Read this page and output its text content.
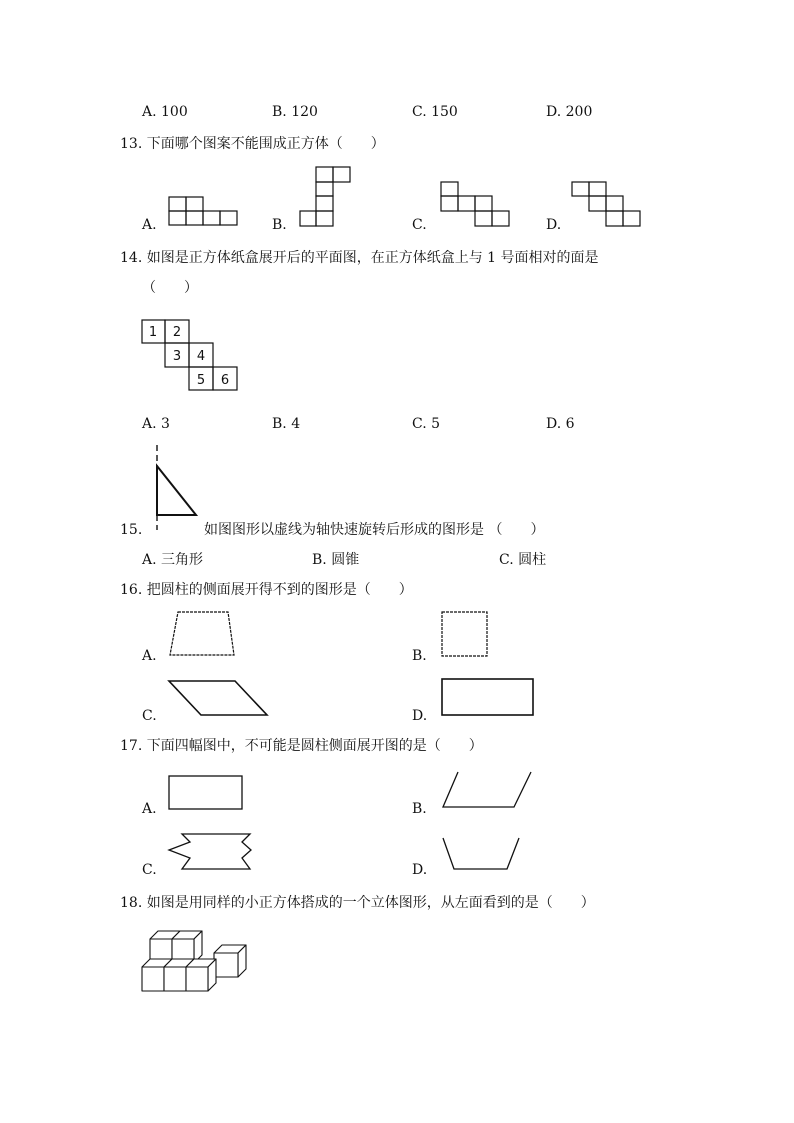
A. 100	B. 120	C. 150	D. 200
13. 下面哪个图案不能围成正方体（　　）
A.	B.	C.	D.
14. 如图是正方体纸盒展开后的平面图，在正方体纸盒上与 1 号面相对的面是
（　　）
1 2
3 4
5 6
A. 3	B. 4	C. 5	D. 6
15.	如图图形以虚线为轴快速旋转后形成的图形是 （　　）
A. 三角形	B. 圆锥	C. 圆柱
16. 把圆柱的侧面展开得不到的图形是（　　）
A.	B.
C.	D.
17. 下面四幅图中，不可能是圆柱侧面展开图的是（　　）
A.	B.
C.	D.
18. 如图是用同样的小正方体搭成的一个立体图形，从左面看到的是（　　）
